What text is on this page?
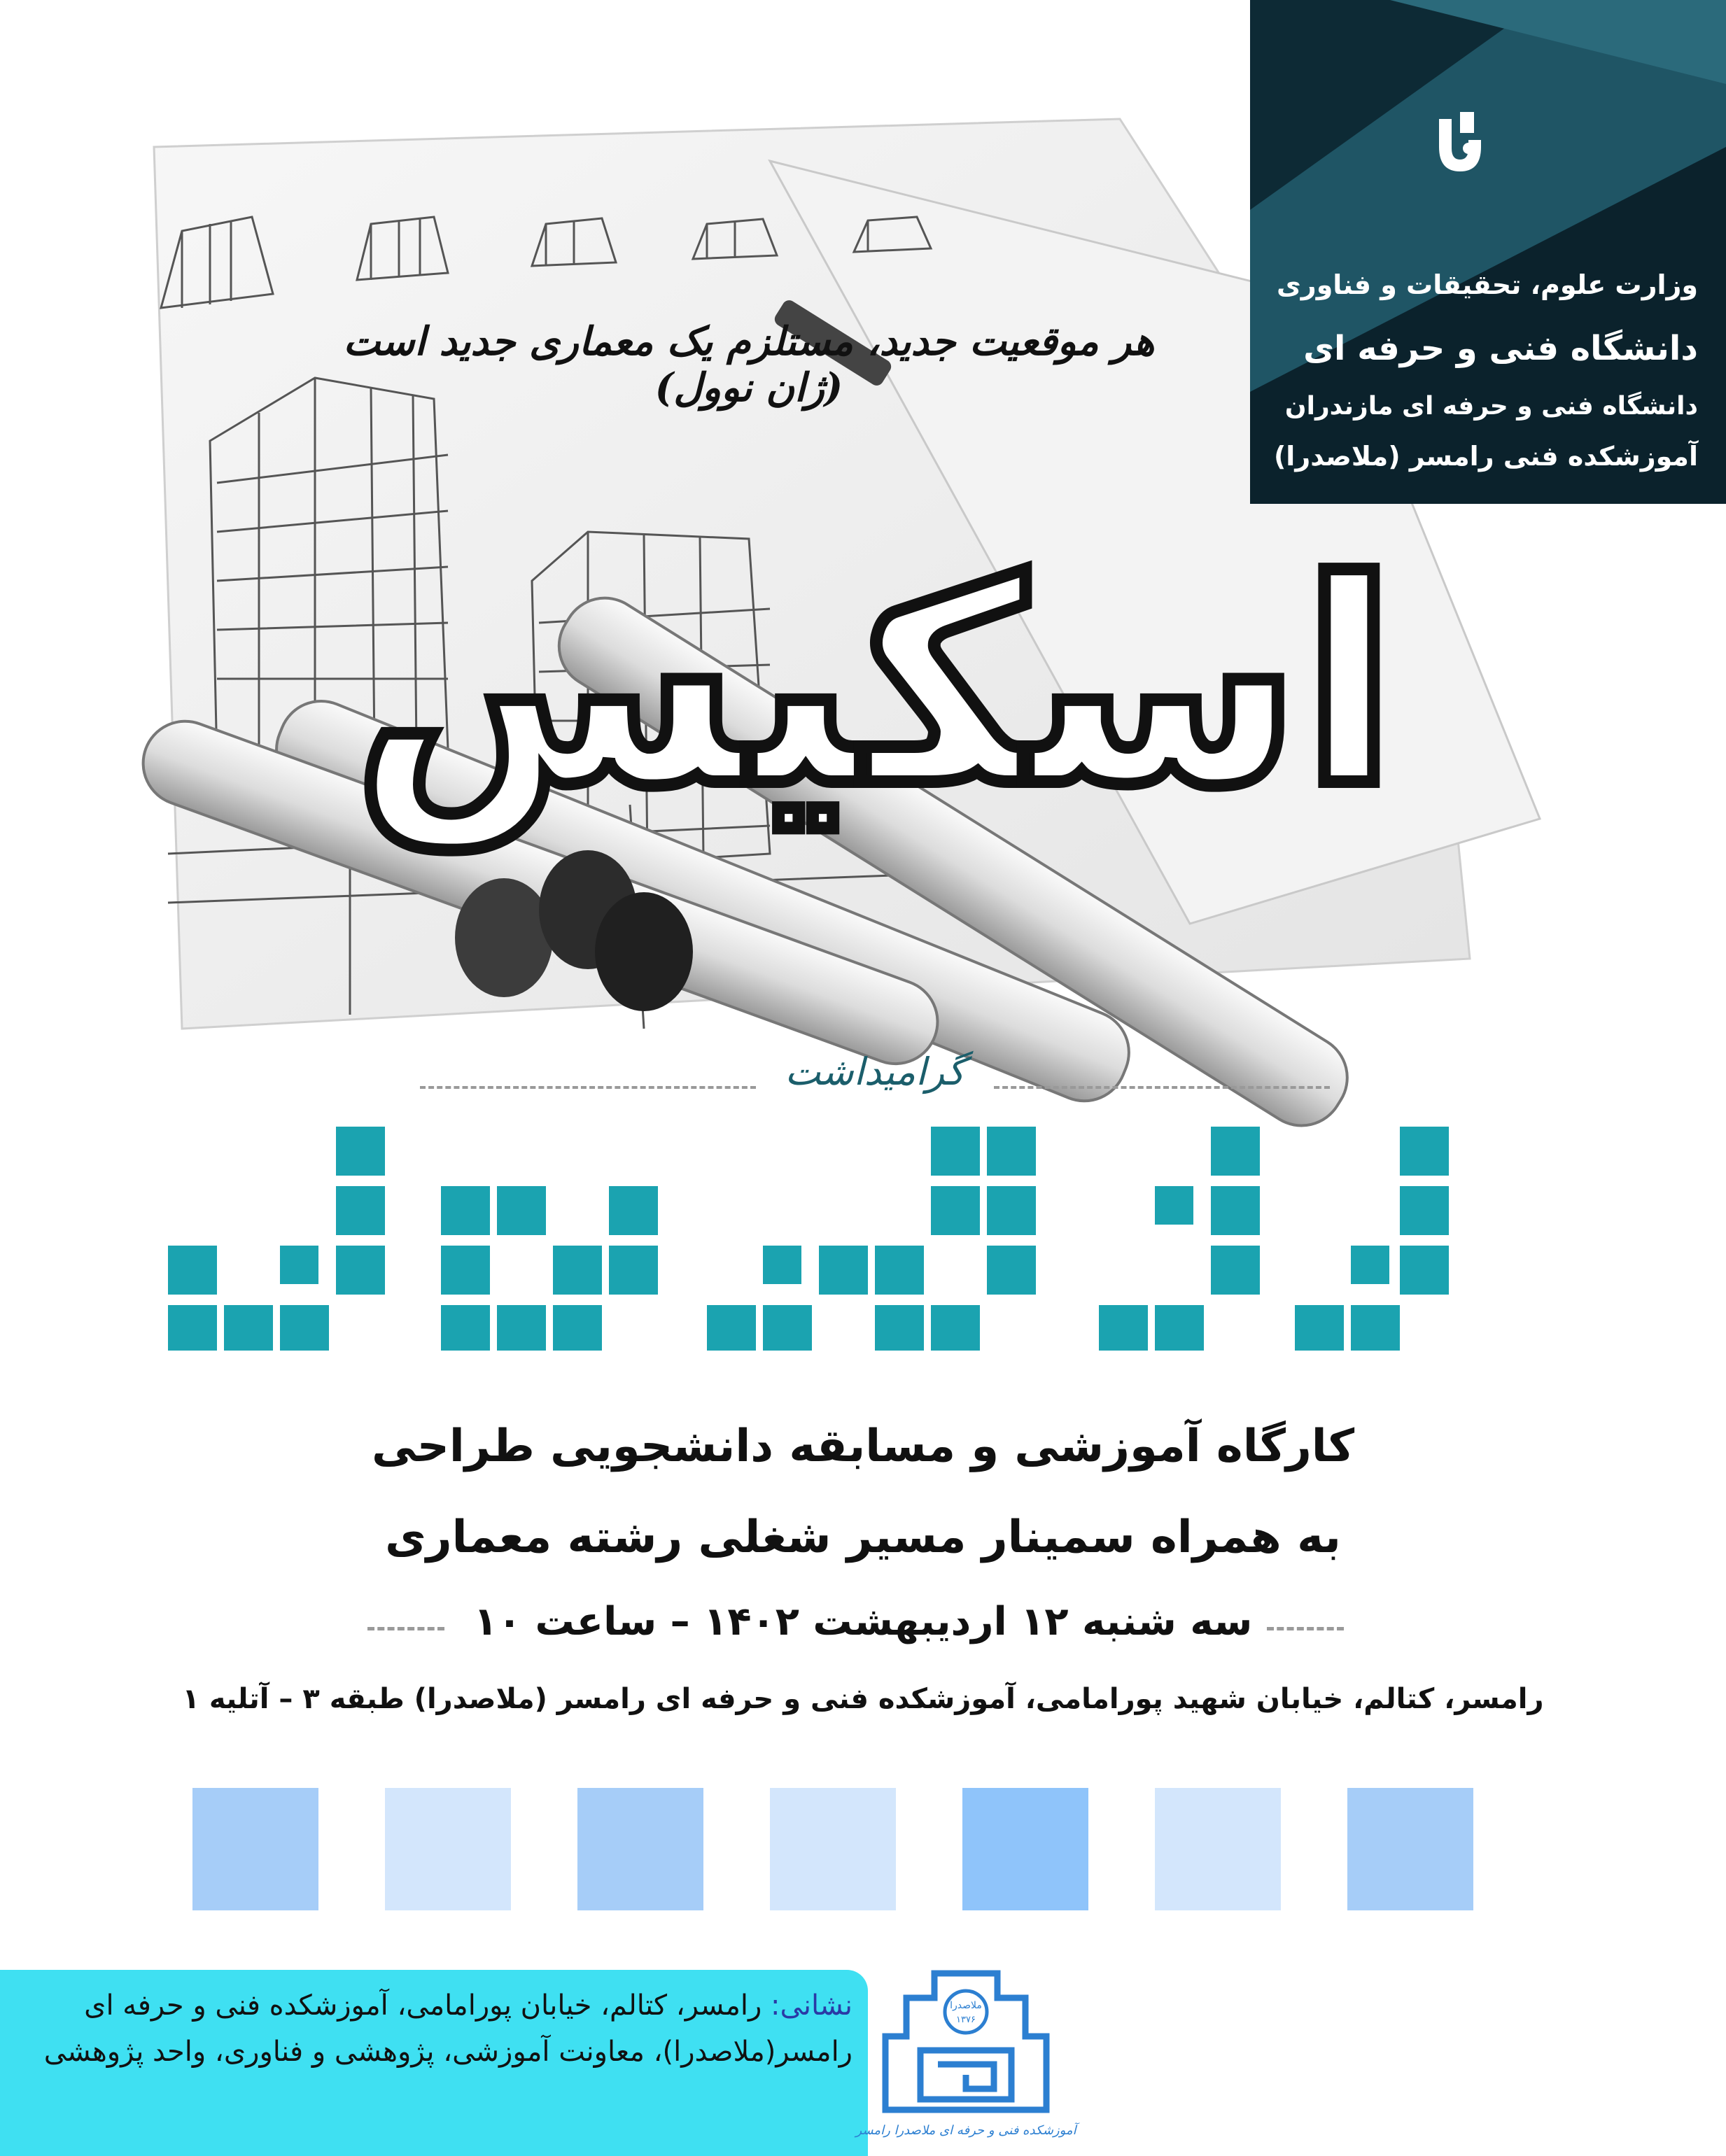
وزارت علوم، تحقیقات و فناوری
دانشگاه فنی و حرفه ای
دانشگاه فنی و حرفه ای مازندران
آموزشکده فنی رامسر (ملاصدرا)
هر موقعیت جدید، مستلزم یک معماری جدید است (ژان نوول)
اسکیس
گرامیداشت
روز معمار
کارگاه آموزشی و مسابقه دانشجویی طراحی
به همراه سمینار مسیر شغلی رشته معماری
سه شنبه ۱۲ اردیبهشت ۱۴۰۲ – ساعت ۱۰
رامسر، کتالم، خیابان شهید پورامامی، آموزشکده فنی و حرفه ای رامسر (ملاصدرا) طبقه ۳ – آتلیه ۱
نشانی: رامسر، کتالم، خیابان پورامامی، آموزشکده فنی و حرفه ای رامسر(ملاصدرا)، معاونت آموزشی، پژوهشی و فناوری، واحد پژوهشی
ملاصدرا
۱۳۷۶
آموزشکده فنی و حرفه ای ملاصدرا رامسر
